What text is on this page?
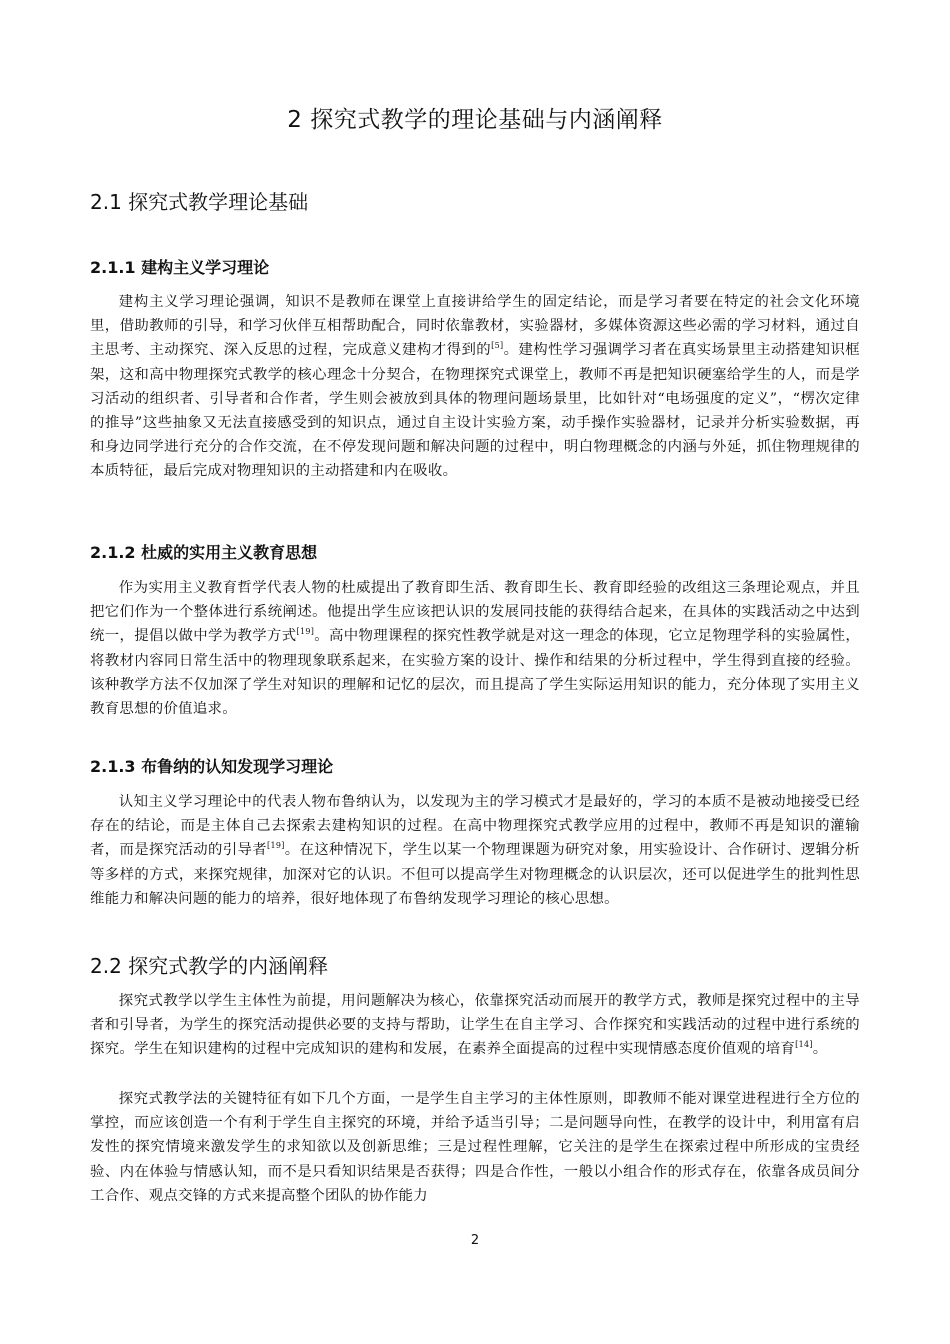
2 探究式教学的理论基础与内涵阐释
2.1 探究式教学理论基础
2.1.1 建构主义学习理论
建构主义学习理论强调，知识不是教师在课堂上直接讲给学生的固定结论，而是学习者要在特定的社会文化环境里，借助教师的引导，和学习伙伴互相帮助配合，同时依靠教材，实验器材，多媒体资源这些必需的学习材料，通过自主思考、主动探究、深入反思的过程，完成意义建构才得到的[5]。建构性学习强调学习者在真实场景里主动搭建知识框架，这和高中物理探究式教学的核心理念十分契合，在物理探究式课堂上，教师不再是把知识硬塞给学生的人，而是学习活动的组织者、引导者和合作者，学生则会被放到具体的物理问题场景里，比如针对“电场强度的定义”，“楞次定律的推导”这些抽象又无法直接感受到的知识点，通过自主设计实验方案，动手操作实验器材，记录并分析实验数据，再和身边同学进行充分的合作交流，在不停发现问题和解决问题的过程中，明白物理概念的内涵与外延，抓住物理规律的本质特征，最后完成对物理知识的主动搭建和内在吸收。
2.1.2 杜威的实用主义教育思想
作为实用主义教育哲学代表人物的杜威提出了教育即生活、教育即生长、教育即经验的改组这三条理论观点，并且把它们作为一个整体进行系统阐述。他提出学生应该把认识的发展同技能的获得结合起来，在具体的实践活动之中达到统一，提倡以做中学为教学方式[19]。高中物理课程的探究性教学就是对这一理念的体现，它立足物理学科的实验属性，将教材内容同日常生活中的物理现象联系起来，在实验方案的设计、操作和结果的分析过程中，学生得到直接的经验。该种教学方法不仅加深了学生对知识的理解和记忆的层次，而且提高了学生实际运用知识的能力，充分体现了实用主义教育思想的价值追求。
2.1.3 布鲁纳的认知发现学习理论
认知主义学习理论中的代表人物布鲁纳认为，以发现为主的学习模式才是最好的，学习的本质不是被动地接受已经存在的结论，而是主体自己去探索去建构知识的过程。在高中物理探究式教学应用的过程中，教师不再是知识的灌输者，而是探究活动的引导者[19]。在这种情况下，学生以某一个物理课题为研究对象，用实验设计、合作研讨、逻辑分析等多样的方式，来探究规律，加深对它的认识。不但可以提高学生对物理概念的认识层次，还可以促进学生的批判性思维能力和解决问题的能力的培养，很好地体现了布鲁纳发现学习理论的核心思想。
2.2 探究式教学的内涵阐释
探究式教学以学生主体性为前提，用问题解决为核心，依靠探究活动而展开的教学方式，教师是探究过程中的主导者和引导者，为学生的探究活动提供必要的支持与帮助，让学生在自主学习、合作探究和实践活动的过程中进行系统的探究。学生在知识建构的过程中完成知识的建构和发展，在素养全面提高的过程中实现情感态度价值观的培育[14]。
探究式教学法的关键特征有如下几个方面，一是学生自主学习的主体性原则，即教师不能对课堂进程进行全方位的掌控，而应该创造一个有利于学生自主探究的环境，并给予适当引导；二是问题导向性，在教学的设计中，利用富有启发性的探究情境来激发学生的求知欲以及创新思维；三是过程性理解，它关注的是学生在探索过程中所形成的宝贵经验、内在体验与情感认知，而不是只看知识结果是否获得；四是合作性，一般以小组合作的形式存在，依靠各成员间分工合作、观点交锋的方式来提高整个团队的协作能力
2
